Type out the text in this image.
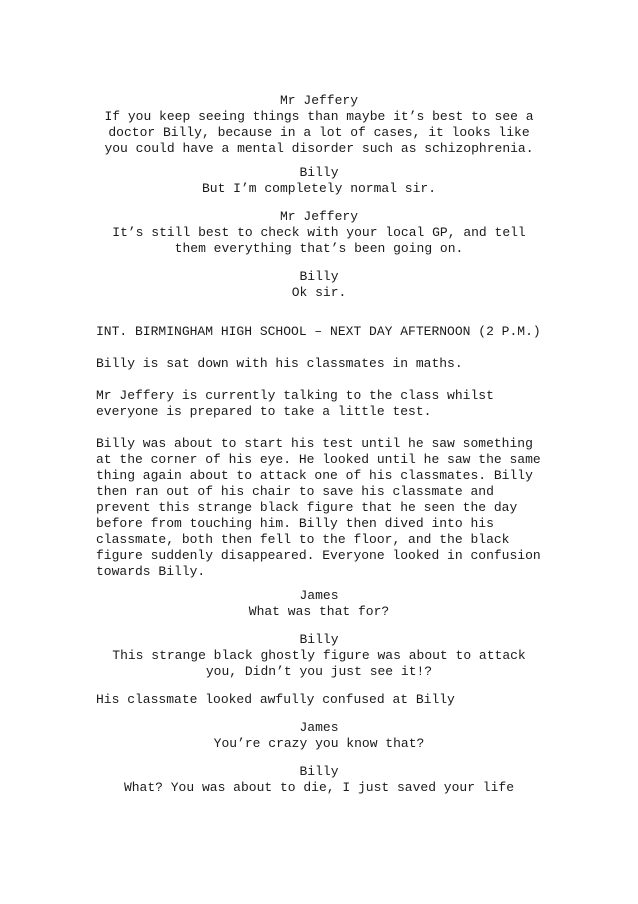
Mr Jeffery

If you keep seeing things than maybe it’s best to see a

doctor Billy, because in a lot of cases, it looks like

you could have a mental disorder such as schizophrenia.

Billy

But I’m completely normal sir.

Mr Jeffery

It’s still best to check with your local GP, and tell

them everything that’s been going on.

Billy

Ok sir.

INT. BIRMINGHAM HIGH SCHOOL – NEXT DAY AFTERNOON (2 P.M.)

Billy is sat down with his classmates in maths.

Mr Jeffery is currently talking to the class whilst

everyone is prepared to take a little test.

Billy was about to start his test until he saw something

at the corner of his eye. He looked until he saw the same

thing again about to attack one of his classmates. Billy

then ran out of his chair to save his classmate and

prevent this strange black figure that he seen the day

before from touching him. Billy then dived into his

classmate, both then fell to the floor, and the black

figure suddenly disappeared. Everyone looked in confusion

towards Billy.

James

What was that for?

Billy

This strange black ghostly figure was about to attack

you, Didn’t you just see it!?

His classmate looked awfully confused at Billy

James

You’re crazy you know that?

Billy

What? You was about to die, I just saved your life
